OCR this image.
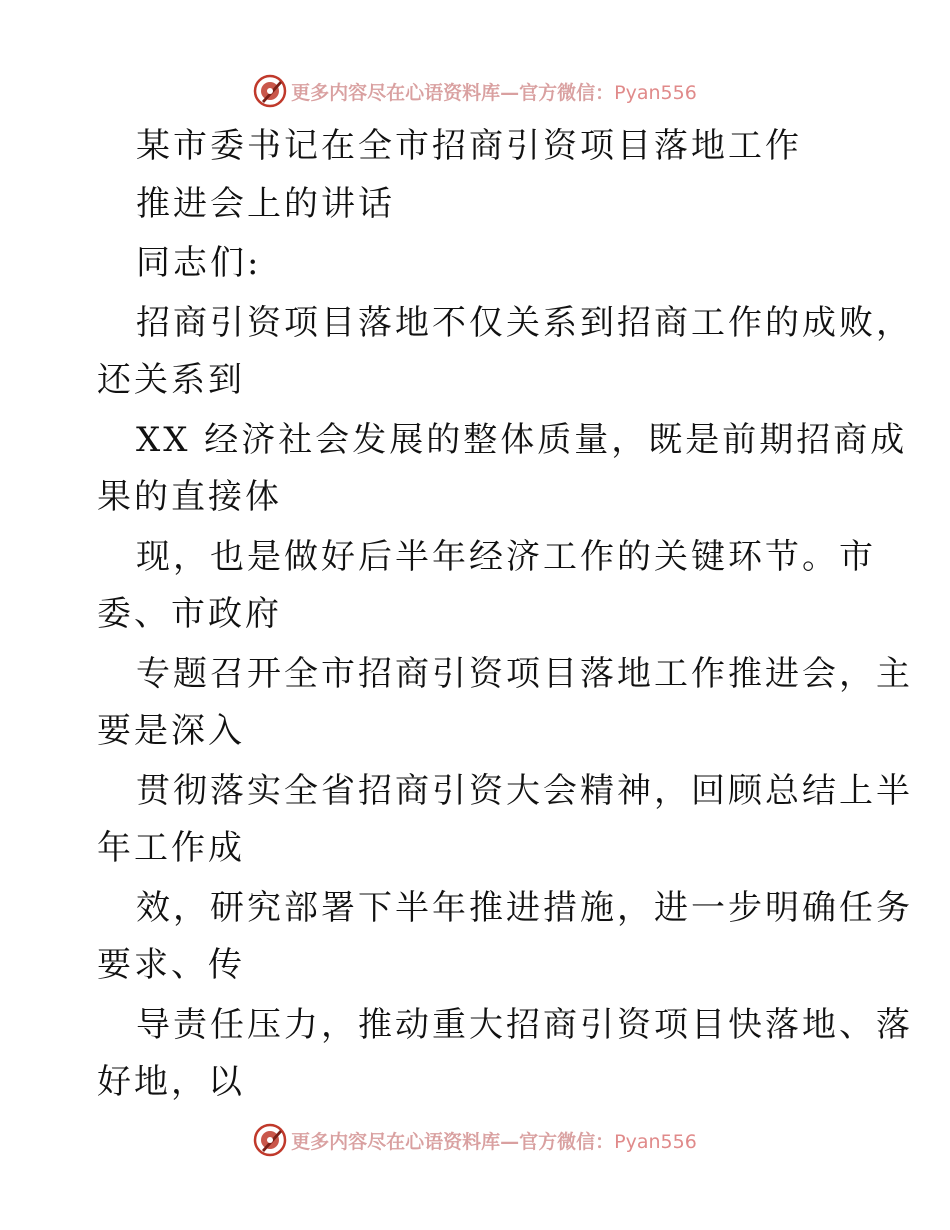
更多内容尽在心语资料库—官方微信：Pyan556
某市委书记在全市招商引资项目落地工作
推进会上的讲话
同志们:
招商引资项目落地不仅关系到招商工作的成败，
还关系到
XX 经济社会发展的整体质量，既是前期招商成
果的直接体
现，也是做好后半年经济工作的关键环节。市
委、市政府
专题召开全市招商引资项目落地工作推进会，主
要是深入
贯彻落实全省招商引资大会精神，回顾总结上半
年工作成
效，研究部署下半年推进措施，进一步明确任务
要求、传
导责任压力，推动重大招商引资项目快落地、落
好地，以
更多内容尽在心语资料库—官方微信：Pyan556
